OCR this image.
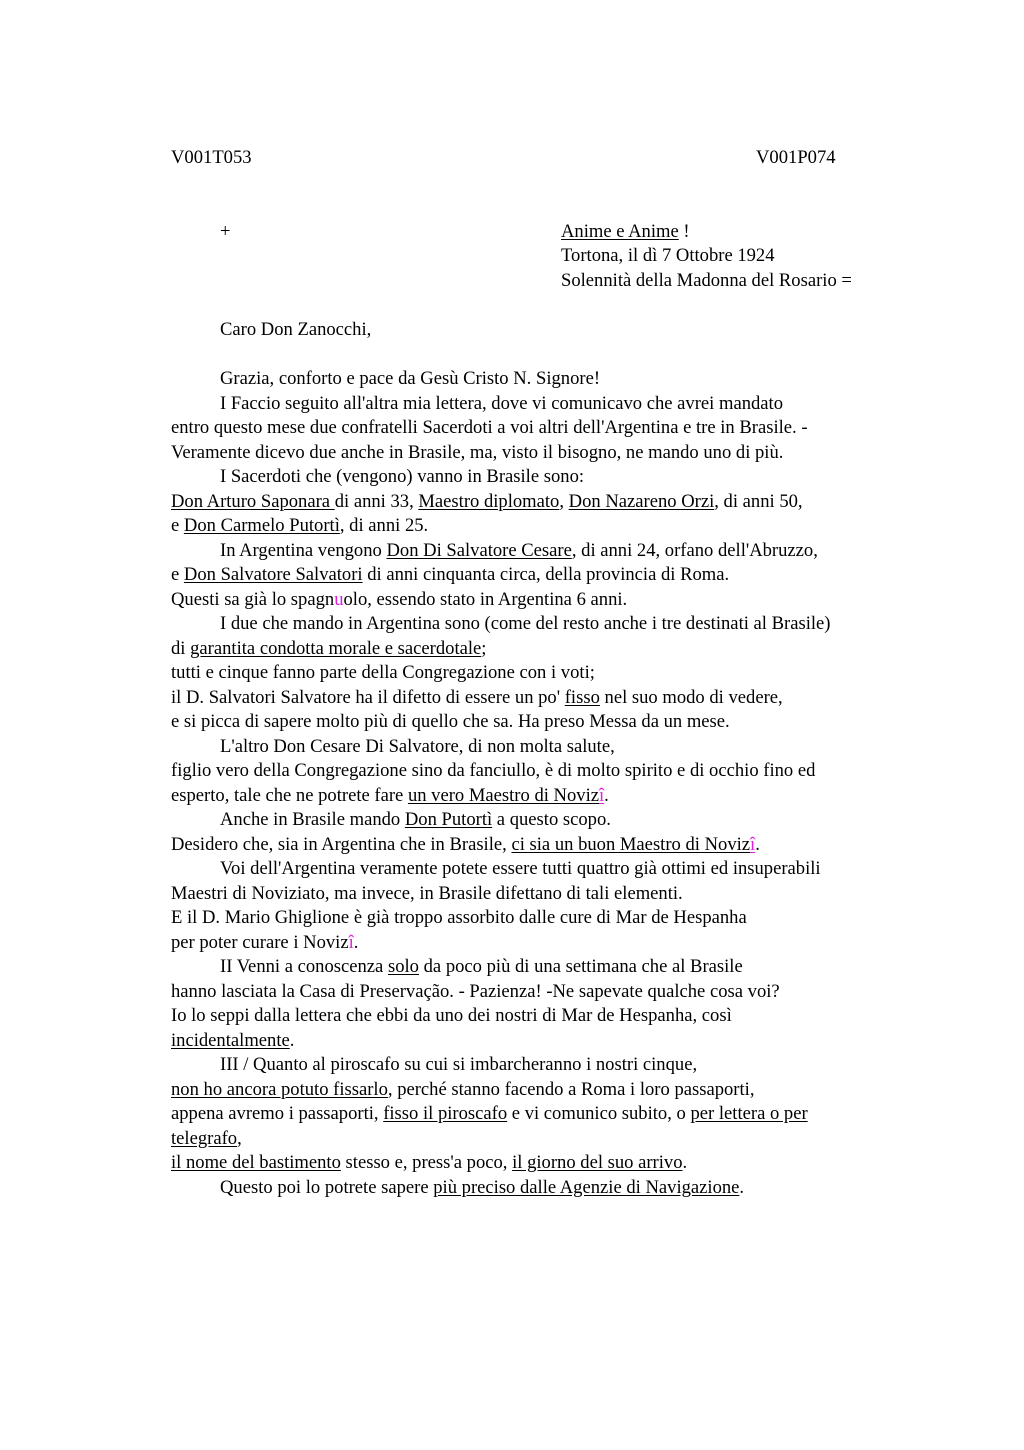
V001T053	V001P074
+	Anime e Anime !
Tortona, il dì 7 Ottobre 1924
Solennità della Madonna del Rosario =
Caro Don Zanocchi,
Grazia, conforto e pace da Gesù Cristo N. Signore!
I Faccio seguito all'altra mia lettera, dove vi comunicavo che avrei mandato
entro questo mese due confratelli Sacerdoti a voi altri dell'Argentina e tre in Brasile. -
Veramente dicevo due anche in Brasile, ma, visto il bisogno, ne mando uno di più.
I Sacerdoti che (vengono) vanno in Brasile sono:
Don Arturo Saponara di anni 33, Maestro diplomato, Don Nazareno Orzi, di anni 50,
e Don Carmelo Putortì, di anni 25.
In Argentina vengono Don Di Salvatore Cesare, di anni 24, orfano dell'Abruzzo,
e Don Salvatore Salvatori di anni cinquanta circa, della provincia di Roma.
Questi sa già lo spagnuolo, essendo stato in Argentina 6 anni.
I due che mando in Argentina sono (come del resto anche i tre destinati al Brasile)
di garantita condotta morale e sacerdotale;
tutti e cinque fanno parte della Congregazione con i voti;
il D. Salvatori Salvatore ha il difetto di essere un po' fisso nel suo modo di vedere,
e si picca di sapere molto più di quello che sa. Ha preso Messa da un mese.
L'altro Don Cesare Di Salvatore, di non molta salute,
figlio vero della Congregazione sino da fanciullo, è di molto spirito e di occhio fino ed
esperto, tale che ne potrete fare un vero Maestro di Novizî.
Anche in Brasile mando Don Putortì a questo scopo.
Desidero che, sia in Argentina che in Brasile, ci sia un buon Maestro di Novizî.
Voi dell'Argentina veramente potete essere tutti quattro già ottimi ed insuperabili
Maestri di Noviziato, ma invece, in Brasile difettano di tali elementi.
E il D. Mario Ghiglione è già troppo assorbito dalle cure di Mar de Hespanha
per poter curare i Novizî.
II Venni a conoscenza solo da poco più di una settimana che al Brasile
hanno lasciata la Casa di Preservação. - Pazienza! -Ne sapevate qualche cosa voi?
Io lo seppi dalla lettera che ebbi da uno dei nostri di Mar de Hespanha, così
incidentalmente.
III / Quanto al piroscafo su cui si imbarcheranno i nostri cinque,
non ho ancora potuto fissarlo, perché stanno facendo a Roma i loro passaporti,
appena avremo i passaporti, fisso il piroscafo e vi comunico subito, o per lettera o per
telegrafo,
il nome del bastimento stesso e, press'a poco, il giorno del suo arrivo.
Questo poi lo potrete sapere più preciso dalle Agenzie di Navigazione.
